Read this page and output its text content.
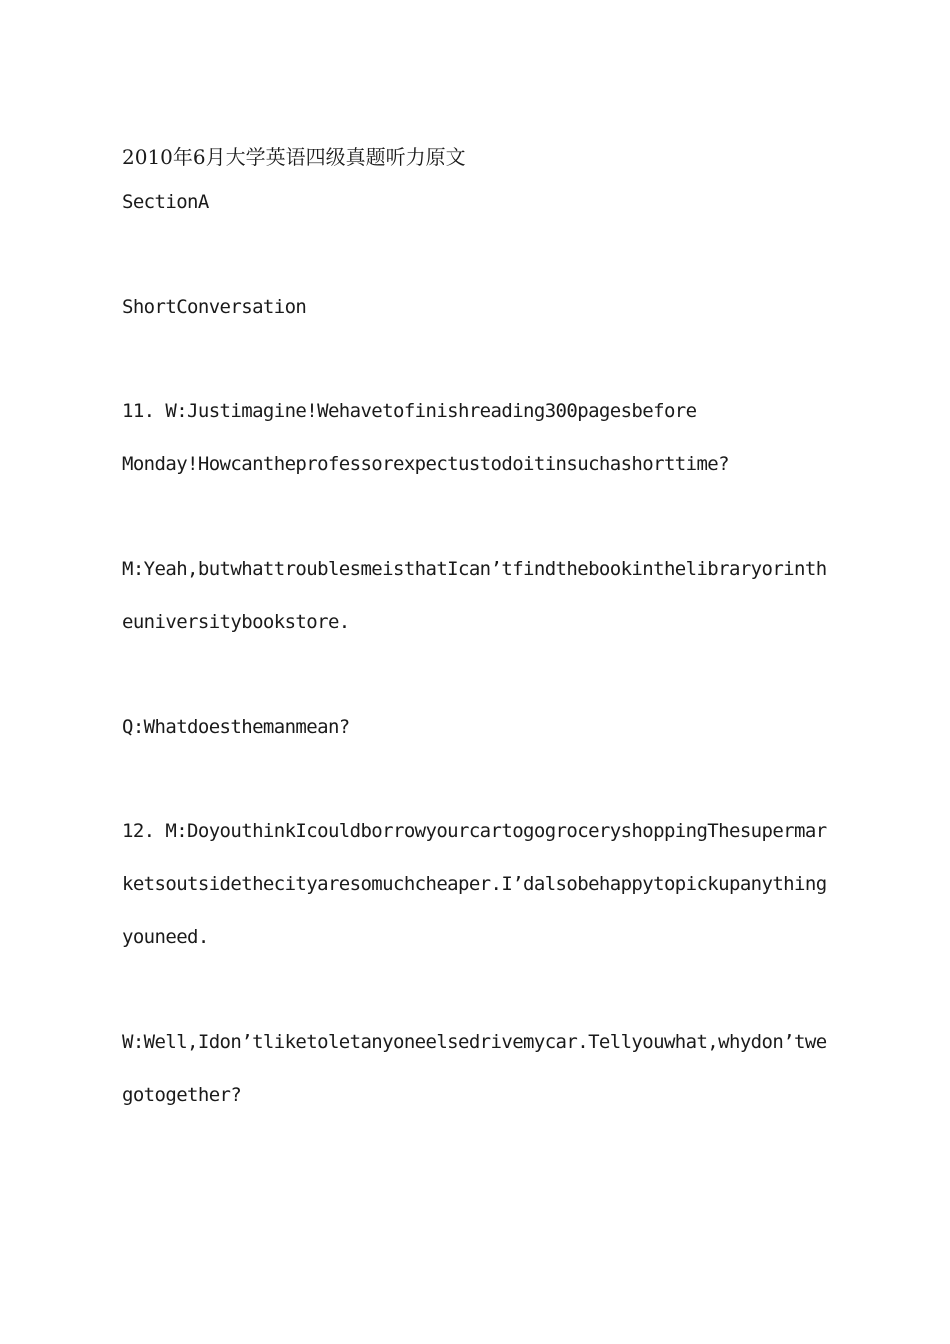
2010年6月大学英语四级真题听力原文

SectionA

ShortConversation

11. W:Justimagine!Wehavetofinishreading300pagesbefore

Monday!Howcantheprofessorexpectustodoitinsuchashorttime?

M:Yeah,butwhattroublesmeisthatIcan’tfindthebookinthelibraryorinth

euniversitybookstore.

Q:Whatdoesthemanmean?

12. M:DoyouthinkIcouldborrowyourcartogogroceryshoppingThesupermar

ketsoutsidethecityaresomuchcheaper.I’dalsobehappytopickupanything

youneed.

W:Well,Idon’tliketoletanyoneelsedrivemycar.Tellyouwhat,whydon’twe

gotogether?
